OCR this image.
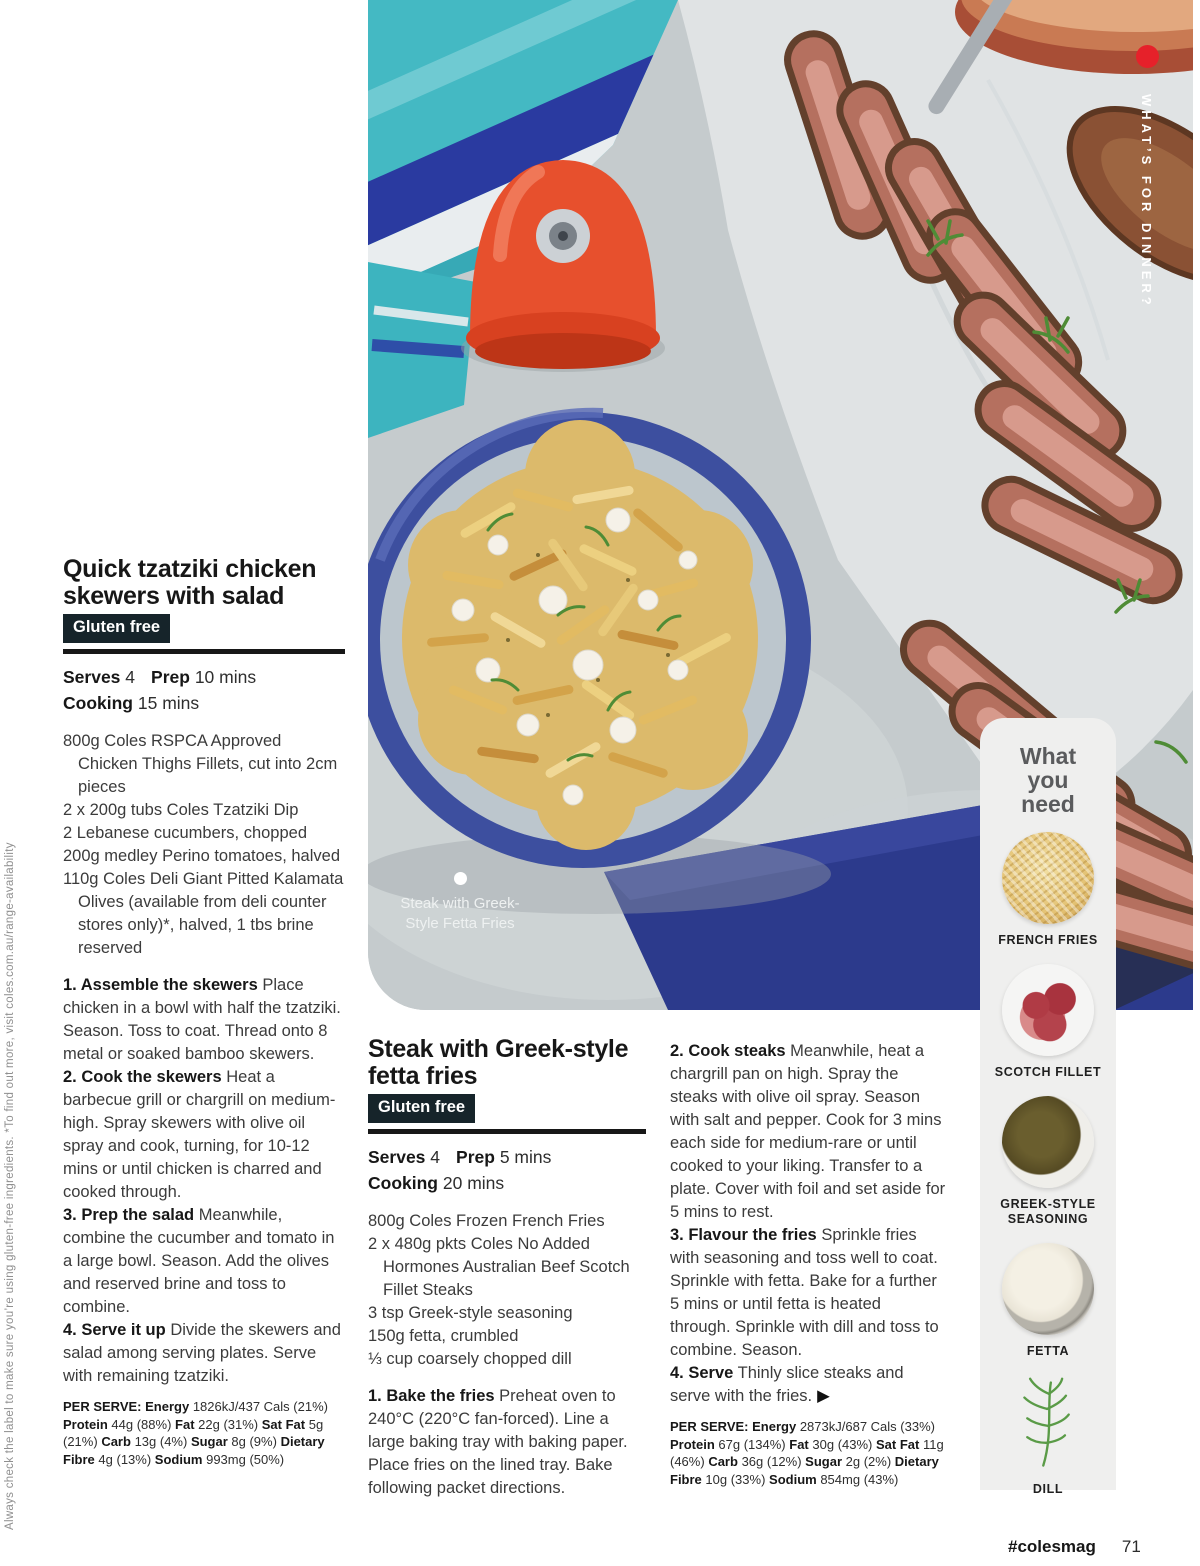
Steak with Greek-Style Fetta Fries
Always check the label to make sure you’re using gluten-free ingredients. *To find out more, visit coles.com.au/range-availability
WHAT’S FOR DINNER?
Quick tzatziki chicken skewers with salad
Gluten free
Serves 4 Prep 10 mins
Cooking 15 mins

800g Coles RSPCA Approved Chicken Thighs Fillets, cut into 2cm pieces

2 x 200g tubs Coles Tzatziki Dip

2 Lebanese cucumbers, chopped

200g medley Perino tomatoes, halved

110g Coles Deli Giant Pitted Kalamata Olives (available from deli counter stores only)*, halved, 1 tbs brine reserved

1. Assemble the skewers Place chicken in a bowl with half the tzatziki. Season. Toss to coat. Thread onto 8 metal or soaked bamboo skewers.

2. Cook the skewers Heat a barbecue grill or chargrill on medium-high. Spray skewers with olive oil spray and cook, turning, for 10-12 mins or until chicken is charred and cooked through.

3. Prep the salad Meanwhile, combine the cucumber and tomato in a large bowl. Season. Add the olives and reserved brine and toss to combine.

4. Serve it up Divide the skewers and salad among serving plates. Serve with remaining tzatziki.

PER SERVE: Energy 1826kJ/437 Cals (21%) Protein 44g (88%) Fat 22g (31%) Sat Fat 5g (21%) Carb 13g (4%) Sugar 8g (9%) Dietary Fibre 4g (13%) Sodium 993mg (50%)

Steak with Greek-style fetta fries
Gluten free
Serves 4 Prep 5 mins
Cooking 20 mins

800g Coles Frozen French Fries

2 x 480g pkts Coles No Added Hormones Australian Beef Scotch Fillet Steaks

3 tsp Greek-style seasoning

150g fetta, crumbled

⅓ cup coarsely chopped dill

1. Bake the fries Preheat oven to 240°C (220°C fan-forced). Line a large baking tray with baking paper. Place fries on the lined tray. Bake following packet directions.

2. Cook steaks Meanwhile, heat a chargrill pan on high. Spray the steaks with olive oil spray. Season with salt and pepper. Cook for 3 mins each side for medium-rare or until cooked to your liking. Transfer to a plate. Cover with foil and set aside for 5 mins to rest.

3. Flavour the fries Sprinkle fries with seasoning and toss well to coat. Sprinkle with fetta. Bake for a further 5 mins or until fetta is heated through. Sprinkle with dill and toss to combine. Season.

4. Serve Thinly slice steaks and serve with the fries. ▶

PER SERVE: Energy 2873kJ/687 Cals (33%) Protein 67g (134%) Fat 30g (43%) Sat Fat 11g (46%) Carb 36g (12%) Sugar 2g (2%) Dietary Fibre 10g (33%) Sodium 854mg (43%)

What you need
FRENCH FRIES
SCOTCH FILLET
GREEK-STYLE SEASONING
FETTA
DILL
#colesmag 71
